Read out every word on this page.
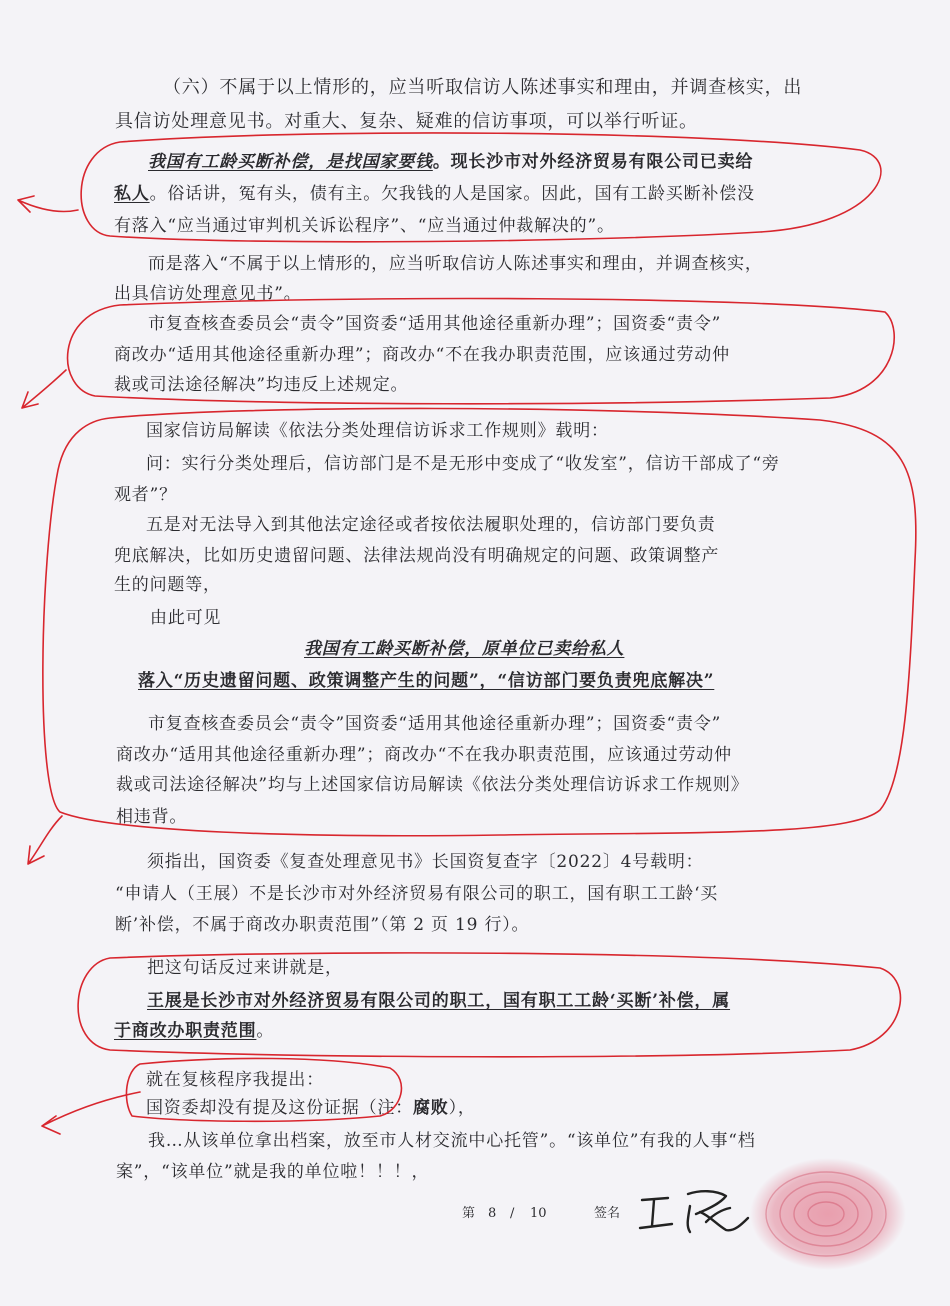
（六）不属于以上情形的，应当听取信访人陈述事实和理由，并调查核实，出

具信访处理意见书。对重大、复杂、疑难的信访事项，可以举行听证。

我国有工龄买断补偿，是找国家要钱。现长沙市对外经济贸易有限公司已卖给

私人。俗话讲，冤有头，债有主。欠我钱的人是国家。因此，国有工龄买断补偿没

有落入“应当通过审判机关诉讼程序”、“应当通过仲裁解决的”。

而是落入“不属于以上情形的，应当听取信访人陈述事实和理由，并调查核实，

出具信访处理意见书”。

市复查核查委员会“责令”国资委“适用其他途径重新办理”；国资委“责令”

商改办“适用其他途径重新办理”；商改办“不在我办职责范围，应该通过劳动仲

裁或司法途径解决”均违反上述规定。

国家信访局解读《依法分类处理信访诉求工作规则》载明：

问：实行分类处理后，信访部门是不是无形中变成了“收发室”，信访干部成了“旁

观者”？

五是对无法导入到其他法定途径或者按依法履职处理的，信访部门要负责

兜底解决，比如历史遗留问题、法律法规尚没有明确规定的问题、政策调整产

生的问题等，

由此可见

我国有工龄买断补偿，原单位已卖给私人

落入“历史遗留问题、政策调整产生的问题”，“信访部门要负责兜底解决”

市复查核查委员会“责令”国资委“适用其他途径重新办理”；国资委“责令”

商改办“适用其他途径重新办理”；商改办“不在我办职责范围，应该通过劳动仲

裁或司法途径解决”均与上述国家信访局解读《依法分类处理信访诉求工作规则》

相违背。

须指出，国资委《复查处理意见书》长国资复查字〔2022〕4号载明：

“申请人（王展）不是长沙市对外经济贸易有限公司的职工，国有职工工龄‘买

断’补偿，不属于商改办职责范围”（第 2 页 19 行）。

把这句话反过来讲就是，

王展是长沙市对外经济贸易有限公司的职工，国有职工工龄‘买断’补偿，属

于商改办职责范围。

就在复核程序我提出：

国资委却没有提及这份证据（注：腐败），

我…从该单位拿出档案，放至市人材交流中心托管”。“该单位”有我的人事“档

案”，“该单位”就是我的单位啦！！！，

第 8 / 10	签名
